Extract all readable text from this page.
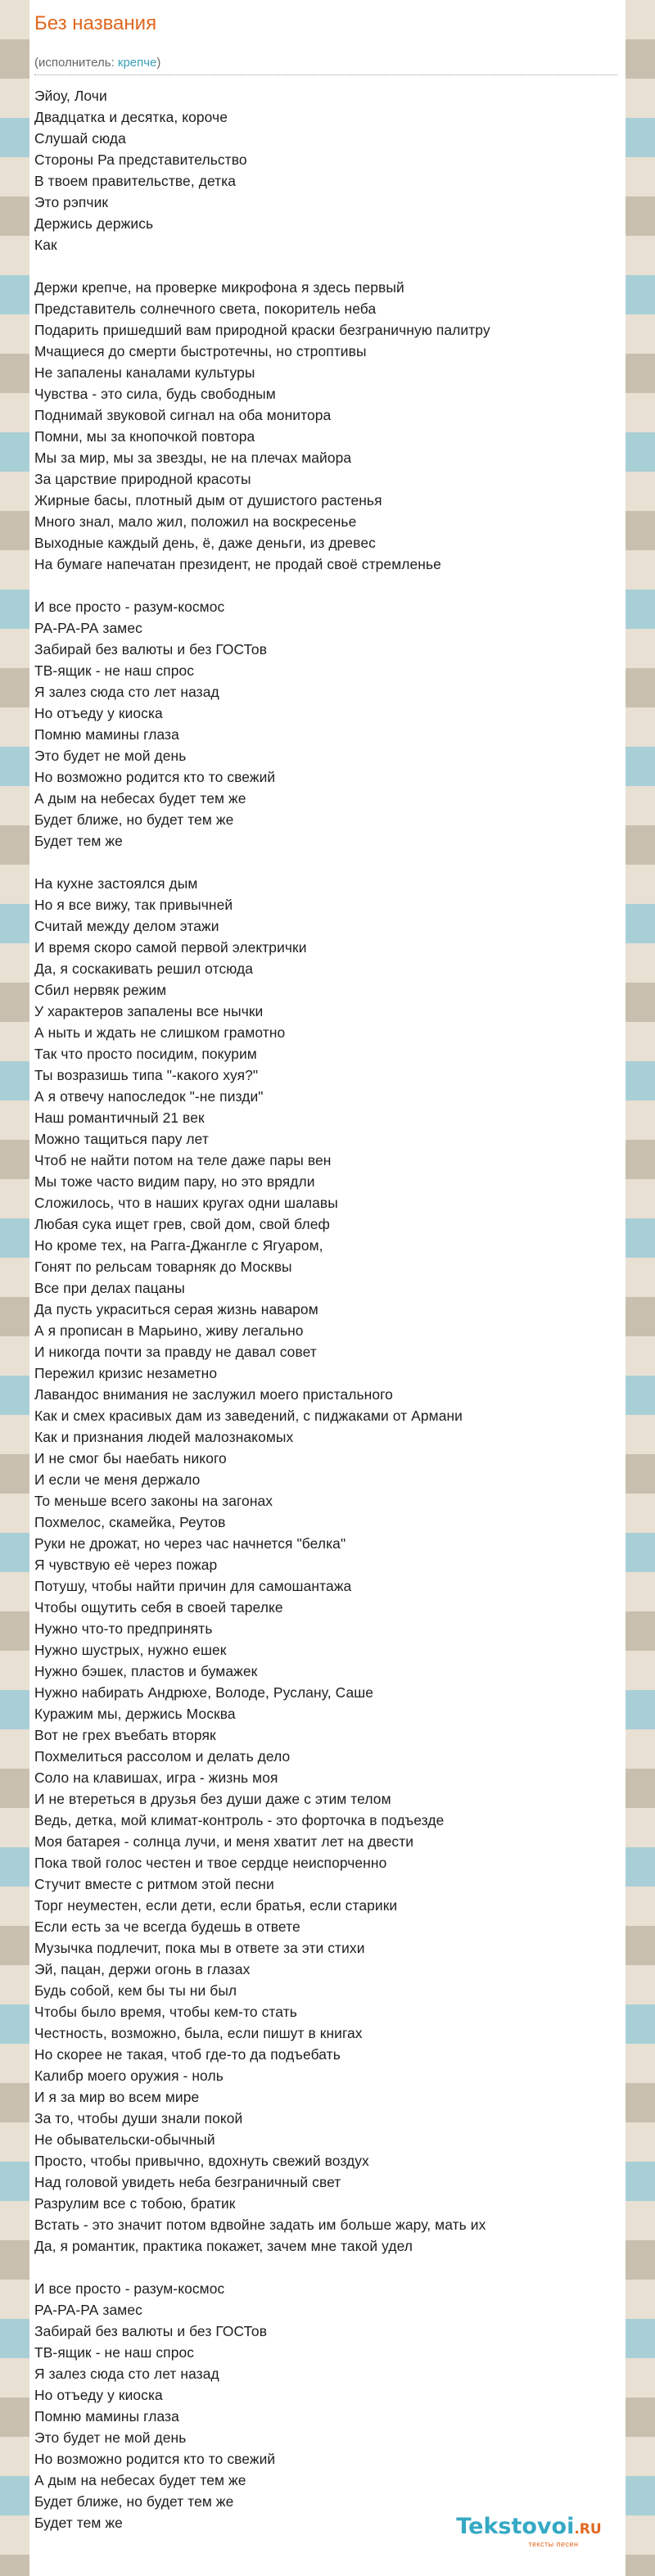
Без названия
(исполнитель: крепче)
Эйоу, Лочи
Двадцатка и десятка, короче
Слушай сюда
Стороны Ра представительство
В твоем правительстве, детка
Это рэпчик
Держись держись
Как
Держи крепче, на проверке микрофона я здесь первый
Представитель солнечного света, покоритель неба
Подарить пришедший вам природной краски безграничную палитру
Мчащиеся до смерти быстротечны, но строптивы
Не запалены каналами культуры
Чувства - это сила, будь свободным
Поднимай звуковой сигнал на оба монитора
Помни, мы за кнопочкой повтора
Мы за мир, мы за звезды, не на плечах майора
За царствие природной красоты
Жирные басы, плотный дым от душистого растенья
Много знал, мало жил, положил на воскресенье
Выходные каждый день, ё, даже деньги, из древес
На бумаге напечатан президент, не продай своё стремленье
И все просто - разум-космос
РА-РА-РА замес
Забирай без валюты и без ГОСТов
ТВ-ящик - не наш спрос
Я залез сюда сто лет назад
Но отъеду у киоска
Помню мамины глаза
Это будет не мой день
Но возможно родится кто то свежий
А дым на небесах будет тем же
Будет ближе, но будет тем же
Будет тем же
На кухне застоялся дым
Но я все вижу, так привычней
Считай между делом этажи
И время скоро самой первой электрички
Да, я соскакивать решил отсюда
Сбил нервяк режим
У характеров запалены все нычки
А ныть и ждать не слишком грамотно
Так что просто посидим, покурим
Ты возразишь типа "-какого хуя?"
А я отвечу напоследок "-не пизди"
Наш романтичный 21 век
Можно тащиться пару лет
Чтоб не найти потом на теле даже пары вен
Мы тоже часто видим пару, но это врядли
Сложилось, что в наших кругах одни шалавы
Любая сука ищет грев, свой дом, свой блеф
Но кроме тех, на Рагга-Джангле с Ягуаром,
Гонят по рельсам товарняк до Москвы
Все при делах пацаны
Да пусть украситься серая жизнь наваром
А я прописан в Марьино, живу легально
И никогда почти за правду не давал совет
Пережил кризис незаметно
Лавандос внимания не заслужил моего пристального
Как и смех красивых дам из заведений, с пиджаками от Армани
Как и признания людей малознакомых
И не смог бы наебать никого
И если че меня держало
То меньше всего законы на загонах
Похмелос, скамейка, Реутов
Руки не дрожат, но через час начнется "белка"
Я чувствую её через пожар
Потушу, чтобы найти причин для самошантажа
Чтобы ощутить себя в своей тарелке
Нужно что-то предпринять
Нужно шустрых, нужно ешек
Нужно бэшек, пластов и бумажек
Нужно набирать Андрюхе, Володе, Руслану, Саше
Куражим мы, держись Москва
Вот не грех въебать вторяк
Похмелиться рассолом и делать дело
Соло на клавишах, игра - жизнь моя
И не втереться в друзья без души даже с этим телом
Ведь, детка, мой климат-контроль - это форточка в подъезде
Моя батарея - солнца лучи, и меня хватит лет на двести
Пока твой голос честен и твое сердце неиспорченно
Стучит вместе с ритмом этой песни
Торг неуместен, если дети, если братья, если старики
Если есть за че всегда будешь в ответе
Музычка подлечит, пока мы в ответе за эти стихи
Эй, пацан, держи огонь в глазах
Будь собой, кем бы ты ни был
Чтобы было время, чтобы кем-то стать
Честность, возможно, была, если пишут в книгах
Но скорее не такая, чтоб где-то да подъебать
Калибр моего оружия - ноль
И я за мир во всем мире
За то, чтобы души знали покой
Не обывательски-обычный
Просто, чтобы привычно, вдохнуть свежий воздух
Над головой увидеть неба безграничный свет
Разрулим все с тобою, братик
Встать - это значит потом вдвойне задать им больше жару, мать их
Да, я романтик, практика покажет, зачем мне такой удел
И все просто - разум-космос
РА-РА-РА замес
Забирай без валюты и без ГОСТов
ТВ-ящик - не наш спрос
Я залез сюда сто лет назад
Но отъеду у киоска
Помню мамины глаза
Это будет не мой день
Но возможно родится кто то свежий
А дым на небесах будет тем же
Будет ближе, но будет тем же
Будет тем же	Tekstovoi.RU
тексты песен
